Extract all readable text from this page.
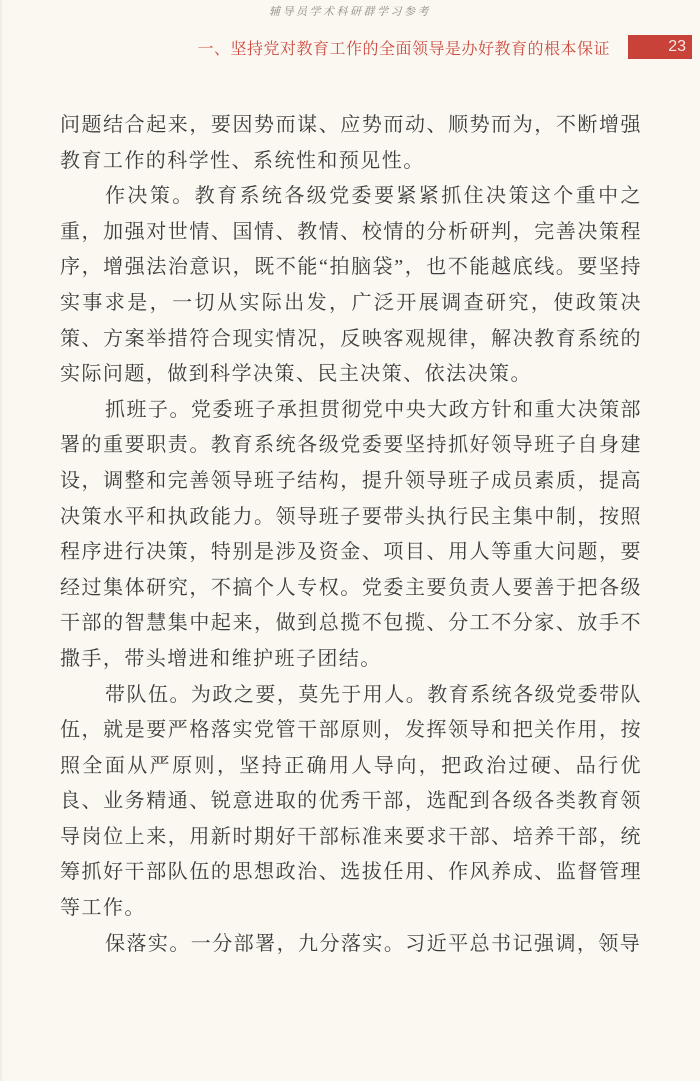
辅导员学术科研群学习参考
一、坚持党对教育工作的全面领导是办好教育的根本保证	23

问题结合起来，要因势而谋、应势而动、顺势而为，不断增强教育工作的科学性、系统性和预见性。

作决策。教育系统各级党委要紧紧抓住决策这个重中之重，加强对世情、国情、教情、校情的分析研判，完善决策程序，增强法治意识，既不能“拍脑袋”，也不能越底线。要坚持实事求是，一切从实际出发，广泛开展调查研究，使政策决策、方案举措符合现实情况，反映客观规律，解决教育系统的实际问题，做到科学决策、民主决策、依法决策。

抓班子。党委班子承担贯彻党中央大政方针和重大决策部署的重要职责。教育系统各级党委要坚持抓好领导班子自身建设，调整和完善领导班子结构，提升领导班子成员素质，提高决策水平和执政能力。领导班子要带头执行民主集中制，按照程序进行决策，特别是涉及资金、项目、用人等重大问题，要经过集体研究，不搞个人专权。党委主要负责人要善于把各级干部的智慧集中起来，做到总揽不包揽、分工不分家、放手不撒手，带头增进和维护班子团结。

带队伍。为政之要，莫先于用人。教育系统各级党委带队伍，就是要严格落实党管干部原则，发挥领导和把关作用，按照全面从严原则，坚持正确用人导向，把政治过硬、品行优良、业务精通、锐意进取的优秀干部，选配到各级各类教育领导岗位上来，用新时期好干部标准来要求干部、培养干部，统筹抓好干部队伍的思想政治、选拔任用、作风养成、监督管理等工作。

保落实。一分部署，九分落实。习近平总书记强调，领导
